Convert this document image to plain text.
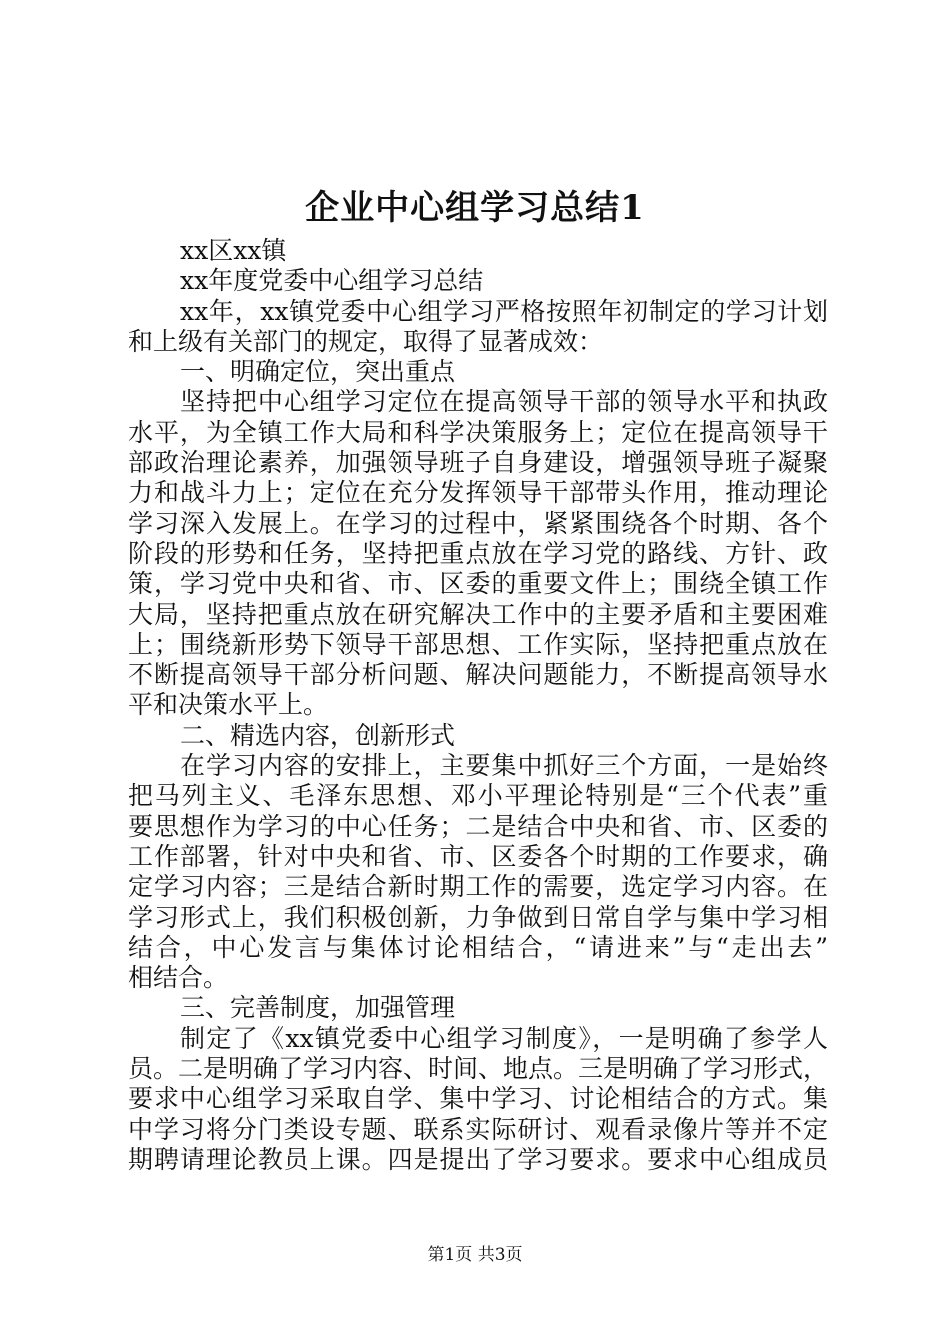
企业中心组学习总结1
xx区xx镇
xx年度党委中心组学习总结
xx年，xx镇党委中心组学习严格按照年初制定的学习计划
和上级有关部门的规定，取得了显著成效：
一、明确定位，突出重点
坚持把中心组学习定位在提高领导干部的领导水平和执政
水平，为全镇工作大局和科学决策服务上；定位在提高领导干
部政治理论素养，加强领导班子自身建设，增强领导班子凝聚
力和战斗力上；定位在充分发挥领导干部带头作用，推动理论
学习深入发展上。在学习的过程中，紧紧围绕各个时期、各个
阶段的形势和任务，坚持把重点放在学习党的路线、方针、政
策，学习党中央和省、市、区委的重要文件上；围绕全镇工作
大局，坚持把重点放在研究解决工作中的主要矛盾和主要困难
上；围绕新形势下领导干部思想、工作实际，坚持把重点放在
不断提高领导干部分析问题、解决问题能力，不断提高领导水
平和决策水平上。
二、精选内容，创新形式
在学习内容的安排上，主要集中抓好三个方面，一是始终
把马列主义、毛泽东思想、邓小平理论特别是“三个代表”重
要思想作为学习的中心任务；二是结合中央和省、市、区委的
工作部署，针对中央和省、市、区委各个时期的工作要求，确
定学习内容；三是结合新时期工作的需要，选定学习内容。在
学习形式上，我们积极创新，力争做到日常自学与集中学习相
结合，中心发言与集体讨论相结合，“请进来”与“走出去”
相结合。
三、完善制度，加强管理
制定了《xx镇党委中心组学习制度》，一是明确了参学人
员。二是明确了学习内容、时间、地点。三是明确了学习形式，
要求中心组学习采取自学、集中学习、讨论相结合的方式。集
中学习将分门类设专题、联系实际研讨、观看录像片等并不定
期聘请理论教员上课。四是提出了学习要求。要求中心组成员
第1页 共3页
